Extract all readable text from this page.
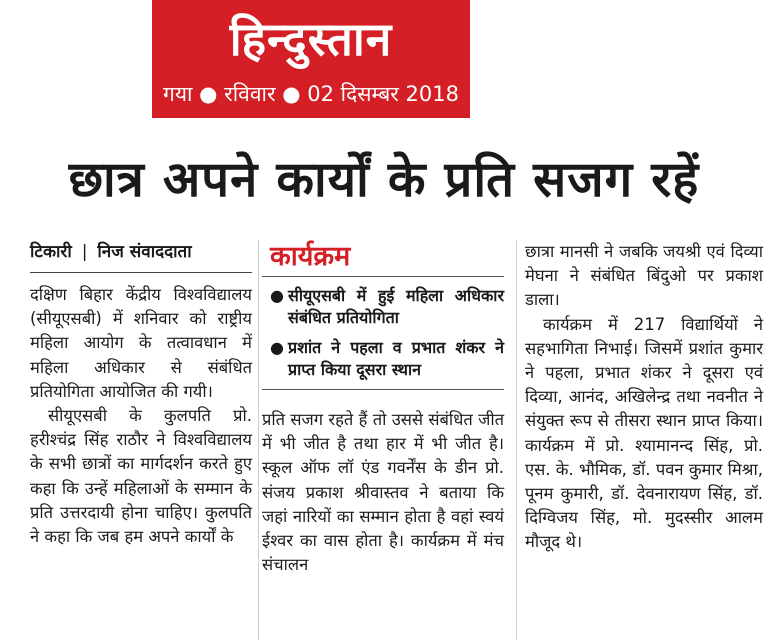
हिन्दुस्तान
गया ● रविवार ● 02 दिसम्बर 2018
छात्र अपने कार्यों के प्रति सजग रहें
टिकारी | निज संवाददाता

दक्षिण बिहार केंद्रीय विश्वविद्यालय (सीयूएसबी) में शनिवार को राष्ट्रीय महिला आयोग के तत्वावधान में महिला अधिकार से संबंधित प्रतियोगिता आयोजित की गयी।

सीयूएसबी के कुलपति प्रो. हरीश्चंद्र सिंह राठौर ने विश्वविद्यालय के सभी छात्रों का मार्गदर्शन करते हुए कहा कि उन्हें महिलाओं के सम्मान के प्रति उत्तरदायी होना चाहिए। कुलपति ने कहा कि जब हम अपने कार्यों के

कार्यक्रम
● सीयूएसबी में हुई महिला अधिकार संबंधित प्रतियोगिता
● प्रशांत ने पहला व प्रभात शंकर ने प्राप्त किया दूसरा स्थान

प्रति सजग रहते हैं तो उससे संबंधित जीत में भी जीत है तथा हार में भी जीत है। स्कूल ऑफ लॉ एंड गवर्नेंस के डीन प्रो. संजय प्रकाश श्रीवास्तव ने बताया कि जहां नारियों का सम्मान होता है वहां स्वयं ईश्वर का वास होता है। कार्यक्रम में मंच संचालन

छात्रा मानसी ने जबकि जयश्री एवं दिव्या मेघना ने संबंधित बिंदुओ पर प्रकाश डाला।

कार्यक्रम में 217 विद्यार्थियों ने सहभागिता निभाई। जिसमें प्रशांत कुमार ने पहला, प्रभात शंकर ने दूसरा एवं दिव्या, आनंद, अखिलेन्द्र तथा नवनीत ने संयुक्त रूप से तीसरा स्थान प्राप्त किया। कार्यक्रम में प्रो. श्यामानन्द सिंह, प्रो. एस. के. भौमिक, डॉ. पवन कुमार मिश्रा, पूनम कुमारी, डॉ. देवनारायण सिंह, डॉ. दिग्विजय सिंह, मो. मुदस्सीर आलम मौजूद थे।
